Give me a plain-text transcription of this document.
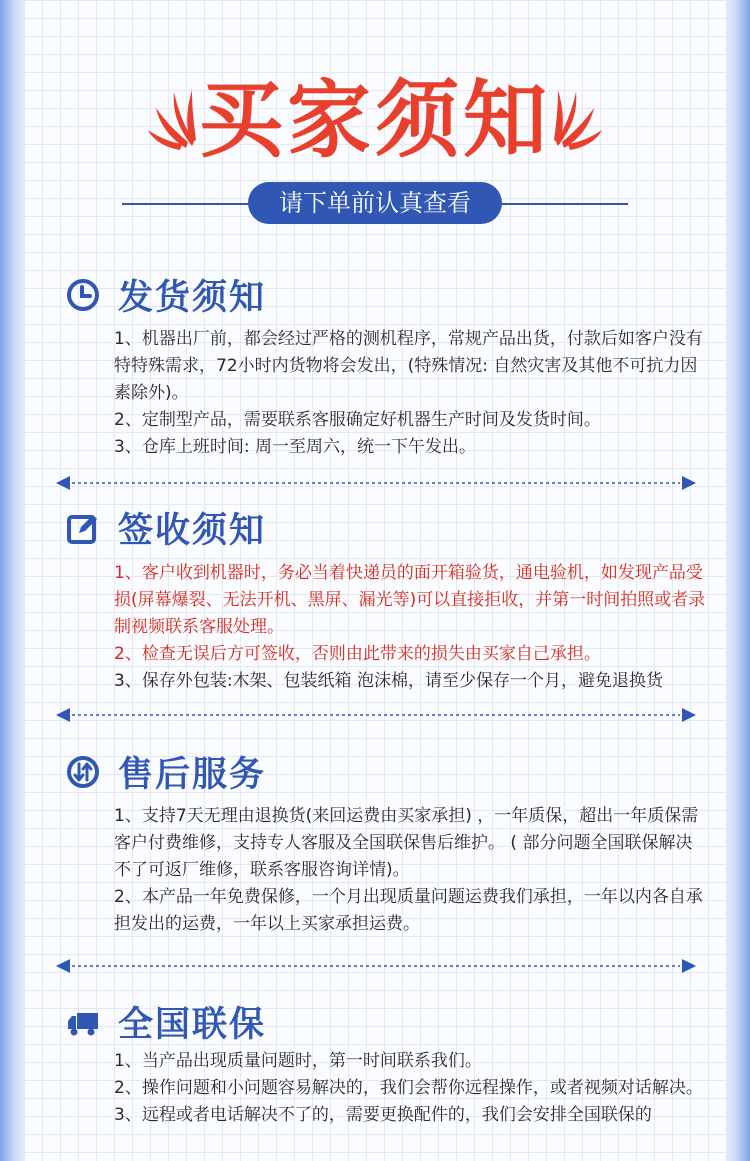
买家须知
请下单前认真查看
发货须知

1、机器出厂前，都会经过严格的测机程序，常规产品出货，付款后如客户没有特特殊需求，72小时内货物将会发出，(特殊情况: 自然灾害及其他不可抗力因素除外)。

2、定制型产品，需要联系客服确定好机器生产时间及发货时间。

3、仓库上班时间: 周一至周六，统一下午发出。

签收须知

1、客户收到机器时，务必当着快递员的面开箱验货，通电验机，如发现产品受损(屏幕爆裂、无法开机、黑屏、漏光等)可以直接拒收，并第一时间拍照或者录制视频联系客服处理。

2、检查无误后方可签收，否则由此带来的损失由买家自己承担。

3、保存外包装:木架、包装纸箱 泡沫棉，请至少保存一个月，避免退换货

售后服务

1、支持7天无理由退换货(来回运费由买家承担) ，一年质保，超出一年质保需客户付费维修，支持专人客服及全国联保售后维护。 ( 部分问题全国联保解决不了可返厂维修，联系客服咨询详情)。

2、本产品一年免费保修，一个月出现质量问题运费我们承担，一年以内各自承担发出的运费，一年以上买家承担运费。

全国联保

1、当产品出现质量问题时，第一时间联系我们。

2、操作问题和小问题容易解决的，我们会帮你远程操作，或者视频对话解决。

3、远程或者电话解决不了的，需要更换配件的，我们会安排全国联保的
